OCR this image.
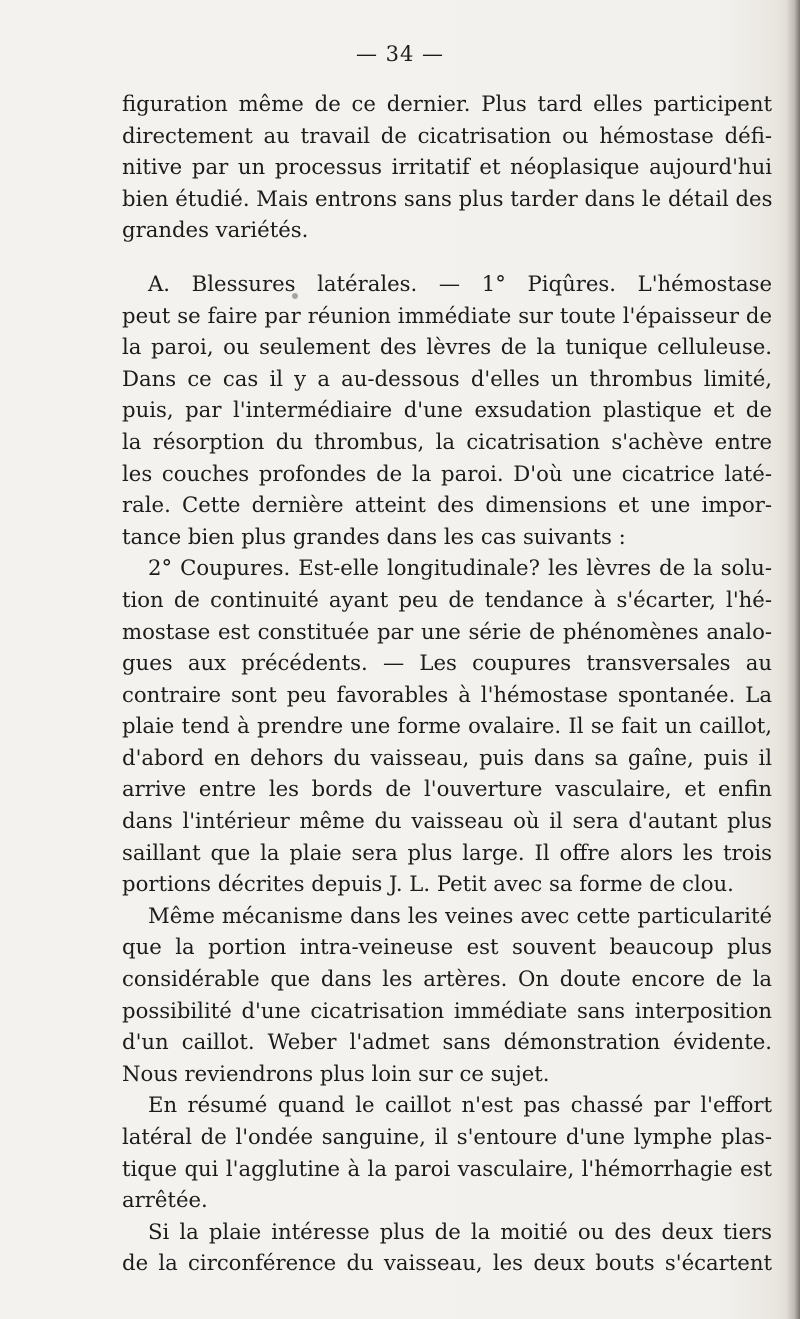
— 34 —
figuration même de ce dernier. Plus tard elles participent
directement au travail de cicatrisation ou hémostase défi-
nitive par un processus irritatif et néoplasique aujourd'hui
bien étudié. Mais entrons sans plus tarder dans le détail des
grandes variétés.
A. Blessures latérales. — 1° Piqûres. L'hémostase
peut se faire par réunion immédiate sur toute l'épaisseur de
la paroi, ou seulement des lèvres de la tunique celluleuse.
Dans ce cas il y a au-dessous d'elles un thrombus limité,
puis, par l'intermédiaire d'une exsudation plastique et de
la résorption du thrombus, la cicatrisation s'achève entre
les couches profondes de la paroi. D'où une cicatrice laté-
rale. Cette dernière atteint des dimensions et une impor-
tance bien plus grandes dans les cas suivants :
2° Coupures. Est-elle longitudinale? les lèvres de la solu-
tion de continuité ayant peu de tendance à s'écarter, l'hé-
mostase est constituée par une série de phénomènes analo-
gues aux précédents. — Les coupures transversales au
contraire sont peu favorables à l'hémostase spontanée. La
plaie tend à prendre une forme ovalaire. Il se fait un caillot,
d'abord en dehors du vaisseau, puis dans sa gaîne, puis il
arrive entre les bords de l'ouverture vasculaire, et enfin
dans l'intérieur même du vaisseau où il sera d'autant plus
saillant que la plaie sera plus large. Il offre alors les trois
portions décrites depuis J. L. Petit avec sa forme de clou.
Même mécanisme dans les veines avec cette particularité
que la portion intra-veineuse est souvent beaucoup plus
considérable que dans les artères. On doute encore de la
possibilité d'une cicatrisation immédiate sans interposition
d'un caillot. Weber l'admet sans démonstration évidente.
Nous reviendrons plus loin sur ce sujet.
En résumé quand le caillot n'est pas chassé par l'effort
latéral de l'ondée sanguine, il s'entoure d'une lymphe plas-
tique qui l'agglutine à la paroi vasculaire, l'hémorrhagie est
arrêtée.
Si la plaie intéresse plus de la moitié ou des deux tiers
de la circonférence du vaisseau, les deux bouts s'écartent
